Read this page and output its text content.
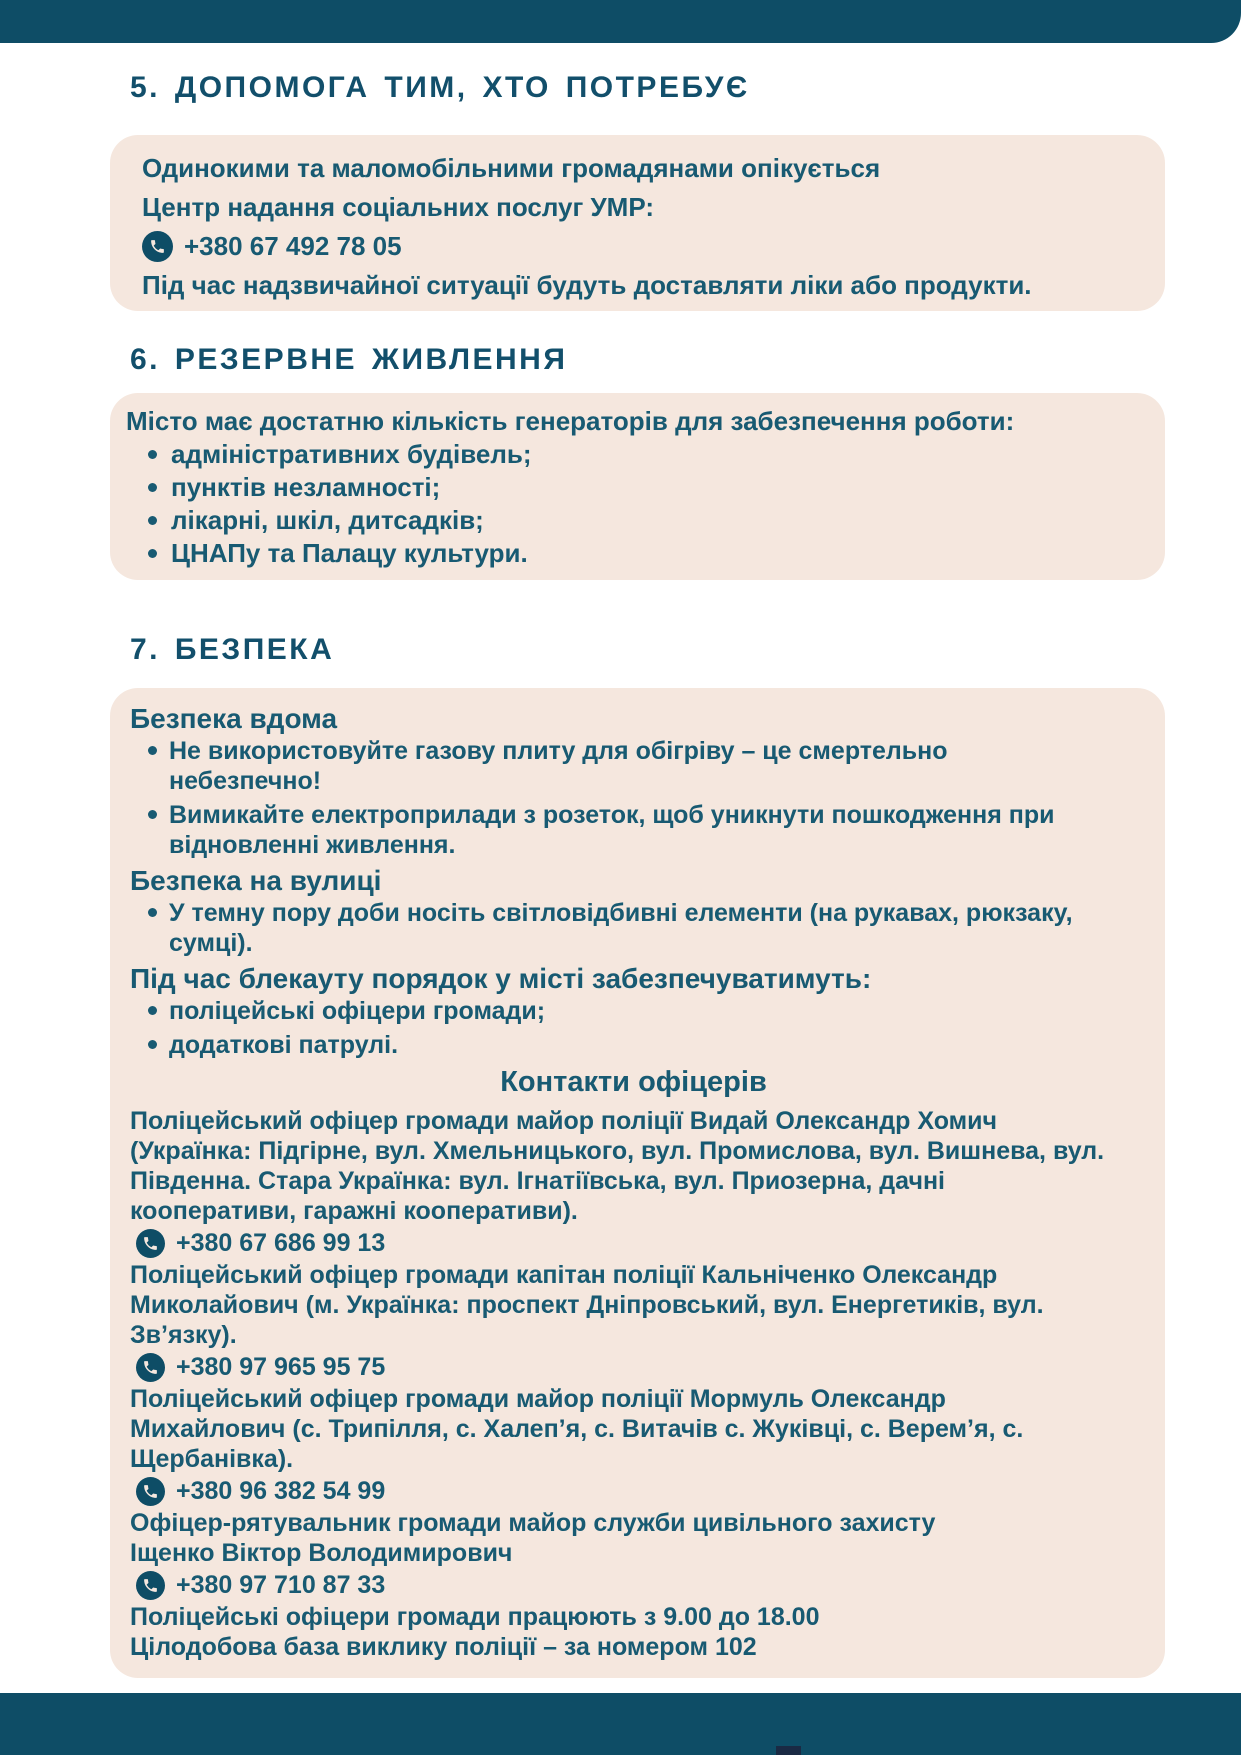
5. ДОПОМОГА ТИМ, ХТО ПОТРЕБУЄ
Одинокими та маломобільними громадянами опікується
Центр надання соціальних послуг УМР:
+380 67 492 78 05
Під час надзвичайної ситуації будуть доставляти ліки або продукти.
6. РЕЗЕРВНЕ ЖИВЛЕННЯ
Місто має достатню кількість генераторів для забезпечення роботи:
адміністративних будівель;
пунктів незламності;
лікарні, шкіл, дитсадків;
ЦНАПу та Палацу культури.
7. БЕЗПЕКА
Безпека вдома
Не використовуйте газову плиту для обігріву – це смертельно
небезпечно!
Вимикайте електроприлади з розеток, щоб уникнути пошкодження при
відновленні живлення.
Безпека на вулиці
У темну пору доби носіть світловідбивні елементи (на рукавах, рюкзаку,
сумці).
Під час блекауту порядок у місті забезпечуватимуть:
поліцейські офіцери громади;
додаткові патрулі.
Контакти офіцерів
Поліцейський офіцер громади майор поліції Видай Олександр Хомич
(Українка: Підгірне, вул. Хмельницького, вул. Промислова, вул. Вишнева, вул.
Південна. Стара Українка: вул. Ігнатіївська, вул. Приозерна, дачні
кооперативи, гаражні кооперативи).
+380 67 686 99 13
Поліцейський офіцер громади капітан поліції Кальніченко Олександр
Миколайович (м. Українка: проспект Дніпровський, вул. Енергетиків, вул.
Зв’язку).
+380 97 965 95 75
Поліцейський офіцер громади майор поліції Мормуль Олександр
Михайлович (с. Трипілля, с. Халеп’я, с. Витачів с. Жуківці, с. Верем’я, с.
Щербанівка).
+380 96 382 54 99
Офіцер-рятувальник громади майор служби цивільного захисту
Іщенко Віктор Володимирович
+380 97 710 87 33
Поліцейські офіцери громади працюють з 9.00 до 18.00
Цілодобова база виклику поліції – за номером 102
